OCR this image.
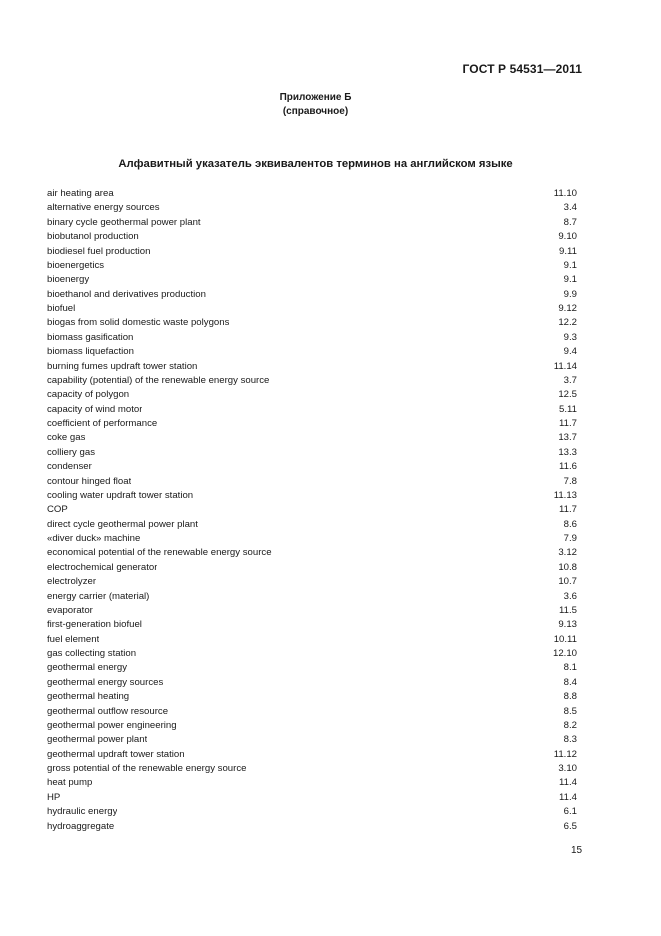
ГОСТ Р 54531—2011
Приложение Б
(справочное)
Алфавитный указатель эквивалентов терминов на английском языке
air heating area	11.10
alternative energy sources	3.4
binary cycle geothermal power plant	8.7
biobutanol production	9.10
biodiesel fuel production	9.11
bioenergetics	9.1
bioenergy	9.1
bioethanol and derivatives production	9.9
biofuel	9.12
biogas from solid domestic waste polygons	12.2
biomass gasification	9.3
biomass liquefaction	9.4
burning fumes updraft tower station	11.14
capability (potential) of the renewable energy source	3.7
capacity of polygon	12.5
capacity of wind motor	5.11
coefficient of performance	11.7
coke gas	13.7
colliery gas	13.3
condenser	11.6
contour hinged float	7.8
cooling water updraft tower station	11.13
COP	11.7
direct cycle geothermal power plant	8.6
«diver duck» machine	7.9
economical potential of the renewable energy source	3.12
electrochemical generator	10.8
electrolyzer	10.7
energy carrier (material)	3.6
evaporator	11.5
first-generation biofuel	9.13
fuel element	10.11
gas collecting station	12.10
geothermal energy	8.1
geothermal energy sources	8.4
geothermal heating	8.8
geothermal outflow resource	8.5
geothermal power engineering	8.2
geothermal power plant	8.3
geothermal updraft tower station	11.12
gross potential of the renewable energy source	3.10
heat pump	11.4
HP	11.4
hydraulic energy	6.1
hydroaggregate	6.5
15
